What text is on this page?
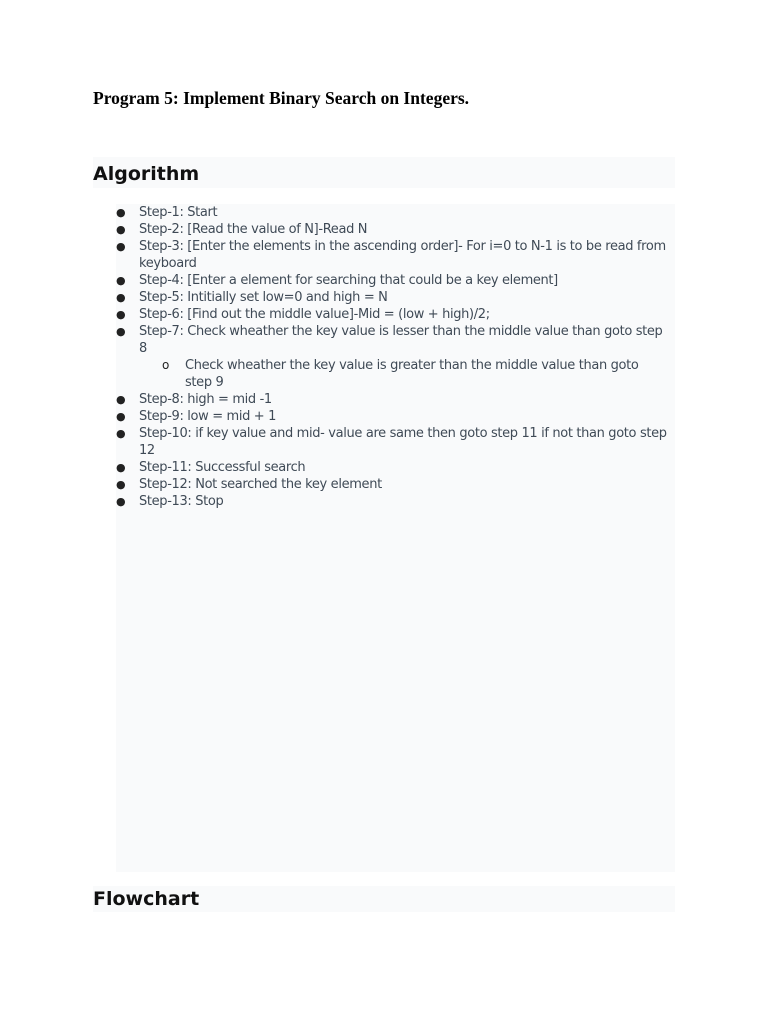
Program 5: Implement Binary Search on Integers.
Algorithm
● Step-1: Start
● Step-2: [Read the value of N]-Read N
● Step-3: [Enter the elements in the ascending order]- For i=0 to N-1 is to be read from keyboard
● Step-4: [Enter a element for searching that could be a key element]
● Step-5: Intitially set low=0 and high = N
● Step-6: [Find out the middle value]-Mid = (low + high)/2;
● Step-7: Check wheather the key value is lesser than the middle value than goto step 8
o Check wheather the key value is greater than the middle value than goto step 9
● Step-8: high = mid -1
● Step-9: low = mid + 1
● Step-10: if key value and mid- value are same then goto step 11 if not than goto step 12
● Step-11: Successful search
● Step-12: Not searched the key element
● Step-13: Stop
Flowchart
